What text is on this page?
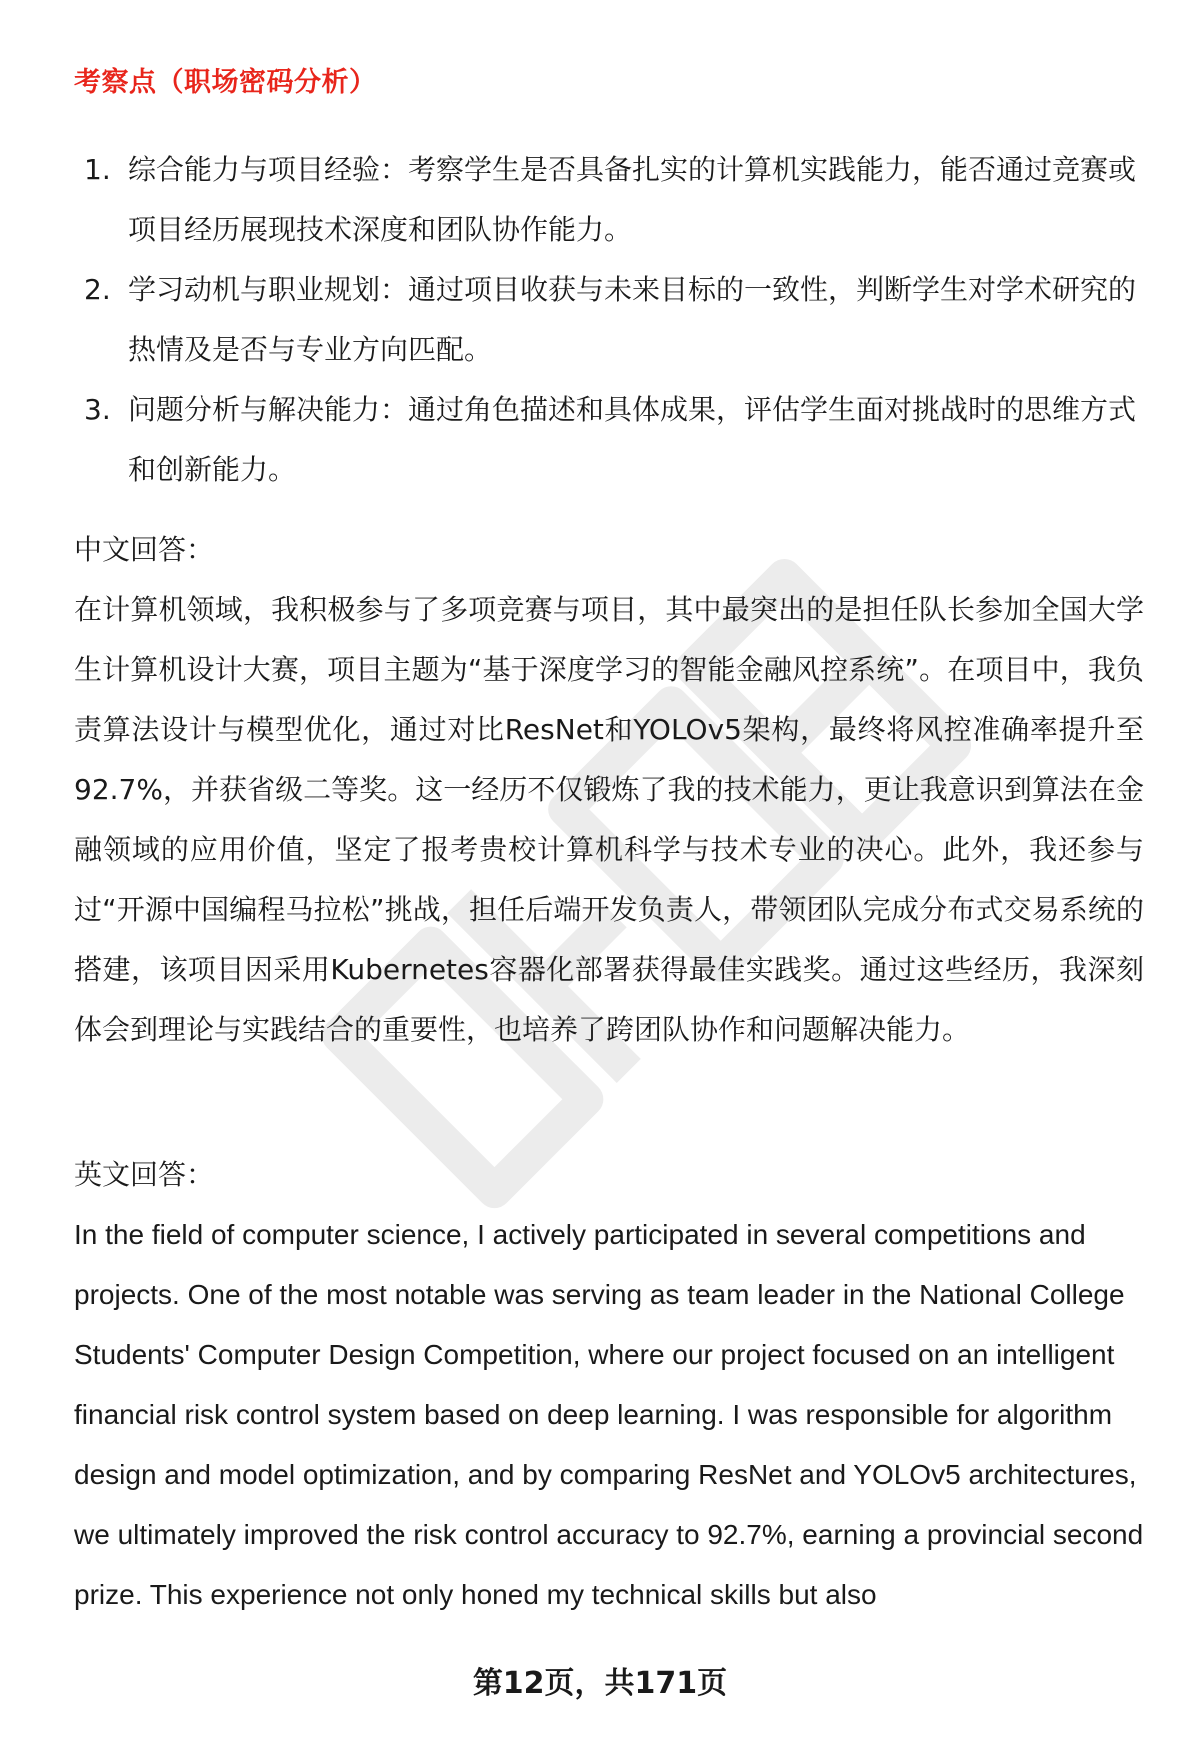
考察点（职场密码分析）
1. 综合能力与项目经验：考察学生是否具备扎实的计算机实践能力，能否通过竞赛或项目经历展现技术深度和团队协作能力。
2. 学习动机与职业规划：通过项目收获与未来目标的一致性，判断学生对学术研究的热情及是否与专业方向匹配。
3. 问题分析与解决能力：通过角色描述和具体成果，评估学生面对挑战时的思维方式和创新能力。
中文回答：
在计算机领域，我积极参与了多项竞赛与项目，其中最突出的是担任队长参加全国大学生计算机设计大赛，项目主题为“基于深度学习的智能金融风控系统”。在项目中，我负责算法设计与模型优化，通过对比ResNet和YOLOv5架构，最终将风控准确率提升至92.7%，并获省级二等奖。这一经历不仅锻炼了我的技术能力，更让我意识到算法在金融领域的应用价值，坚定了报考贵校计算机科学与技术专业的决心。此外，我还参与过“开源中国编程马拉松”挑战，担任后端开发负责人，带领团队完成分布式交易系统的搭建，该项目因采用Kubernetes容器化部署获得最佳实践奖。通过这些经历，我深刻体会到理论与实践结合的重要性，也培养了跨团队协作和问题解决能力。
英文回答：
In the field of computer science, I actively participated in several competitions and projects. One of the most notable was serving as team leader in the National College Students' Computer Design Competition, where our project focused on an intelligent financial risk control system based on deep learning. I was responsible for algorithm design and model optimization, and by comparing ResNet and YOLOv5 architectures, we ultimately improved the risk control accuracy to 92.7%, earning a provincial second prize. This experience not only honed my technical skills but also
第12页，共171页
